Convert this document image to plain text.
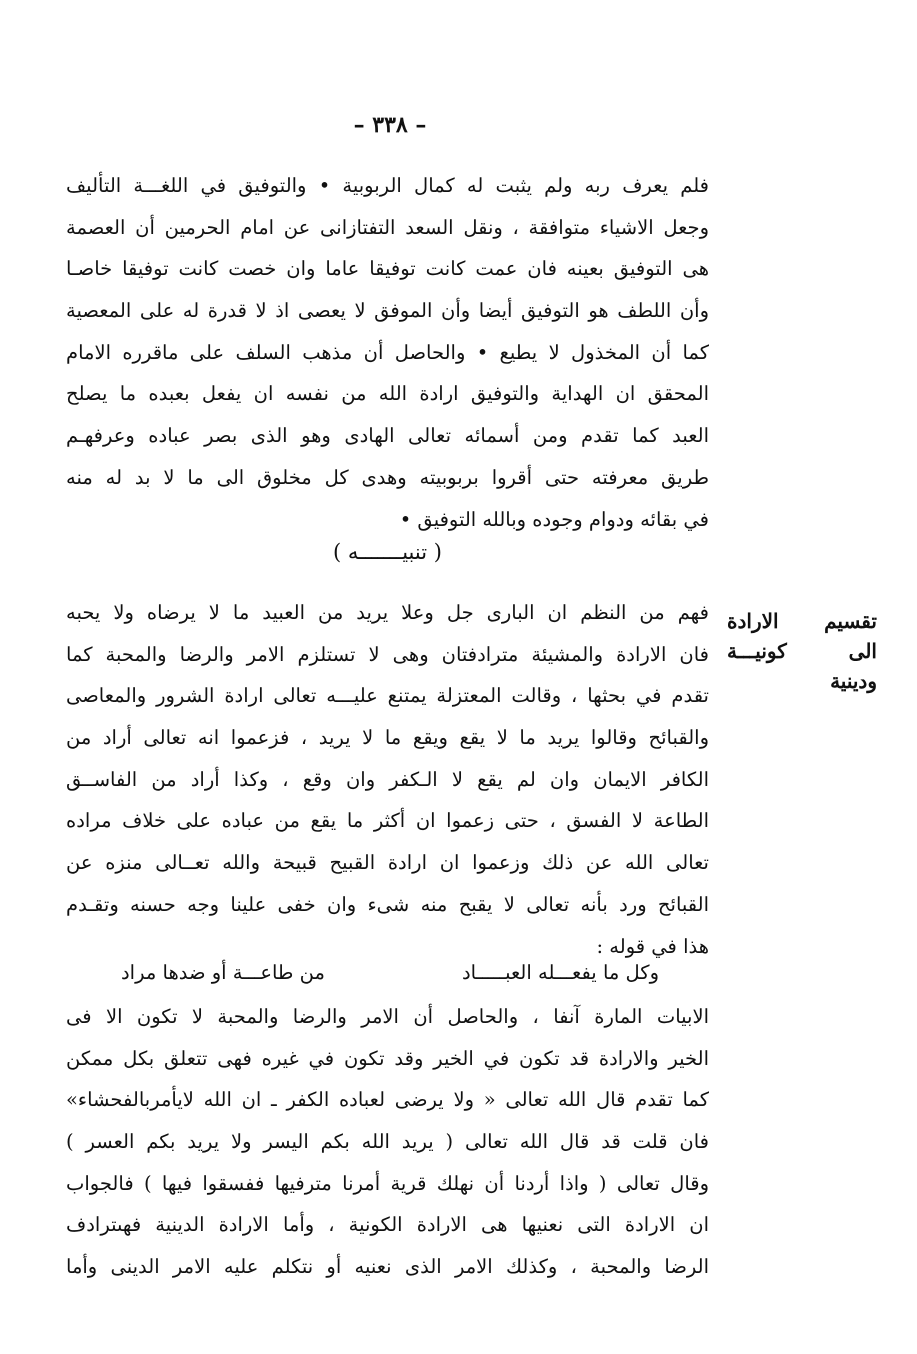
– ٣٣٨ –
فلم يعرف ربه ولم يثبت له كمال الربوبية • والتوفيق في اللغـــة التأليف
وجعل الاشياء متوافقة ، ونقل السعد التفتازانى عن امام الحرمين أن العصمة
هى التوفيق بعينه فان عمت كانت توفيقا عاما وان خصت كانت توفيقا خاصـا
وأن اللطف هو التوفيق أيضا وأن الموفق لا يعصى اذ لا قدرة له على المعصية
كما أن المخذول لا يطيع • والحاصل أن مذهب السلف على ماقرره الامام
المحقق ان الهداية والتوفيق ارادة الله من نفسه ان يفعل بعبده ما يصلح
العبد كما تقدم ومن أسمائه تعالى الهادى وهو الذى بصر عباده وعرفهـم
طريق معرفته حتى أقروا بربوبيته وهدى كل مخلوق الى ما لا بد له منه
في بقائه ودوام وجوده وبالله التوفيق •
( تنبيـــــــه )
تقسيم الارادة
الى كونيـــة
ودينية
فهم من النظم ان البارى جل وعلا يريد من العبيد ما لا يرضاه ولا يحبه
فان الارادة والمشيئة مترادفتان وهى لا تستلزم الامر والرضا والمحبة كما
تقدم في بحثها ، وقالت المعتزلة يمتنع عليـــه تعالى ارادة الشرور والمعاصى
والقبائح وقالوا يريد ما لا يقع ويقع ما لا يريد ، فزعموا انه تعالى أراد من
الكافر الايمان وان لم يقع لا الـكفر وان وقع ، وكذا أراد من الفاســق
الطاعة لا الفسق ، حتى زعموا ان أكثر ما يقع من عباده على خلاف مراده
تعالى الله عن ذلك وزعموا ان ارادة القبيح قبيحة والله تعــالى منزه عن
القبائح ورد بأنه تعالى لا يقبح منه شىء وان خفى علينا وجه حسنه وتقـدم
هذا في قوله :
وكل ما يفعـــله العبـــــاد
من طاعـــة أو ضدها مراد
الابيات المارة آنفا ، والحاصل أن الامر والرضا والمحبة لا تكون الا فى
الخير والارادة قد تكون في الخير وقد تكون في غيره فهى تتعلق بكل ممكن
كما تقدم قال الله تعالى « ولا يرضى لعباده الكفر ـ ان الله لايأمربالفحشاء»
فان قلت قد قال الله تعالى ( يريد الله بكم اليسر ولا يريد بكم العسر )
وقال تعالى ( واذا أردنا أن نهلك قرية أمرنا مترفيها ففسقوا فيها ) فالجواب
ان الارادة التى نعنيها هى الارادة الكونية ، وأما الارادة الدينية فهىترادف
الرضا والمحبة ، وكذلك الامر الذى نعنيه أو نتكلم عليه الامر الدينى وأما
